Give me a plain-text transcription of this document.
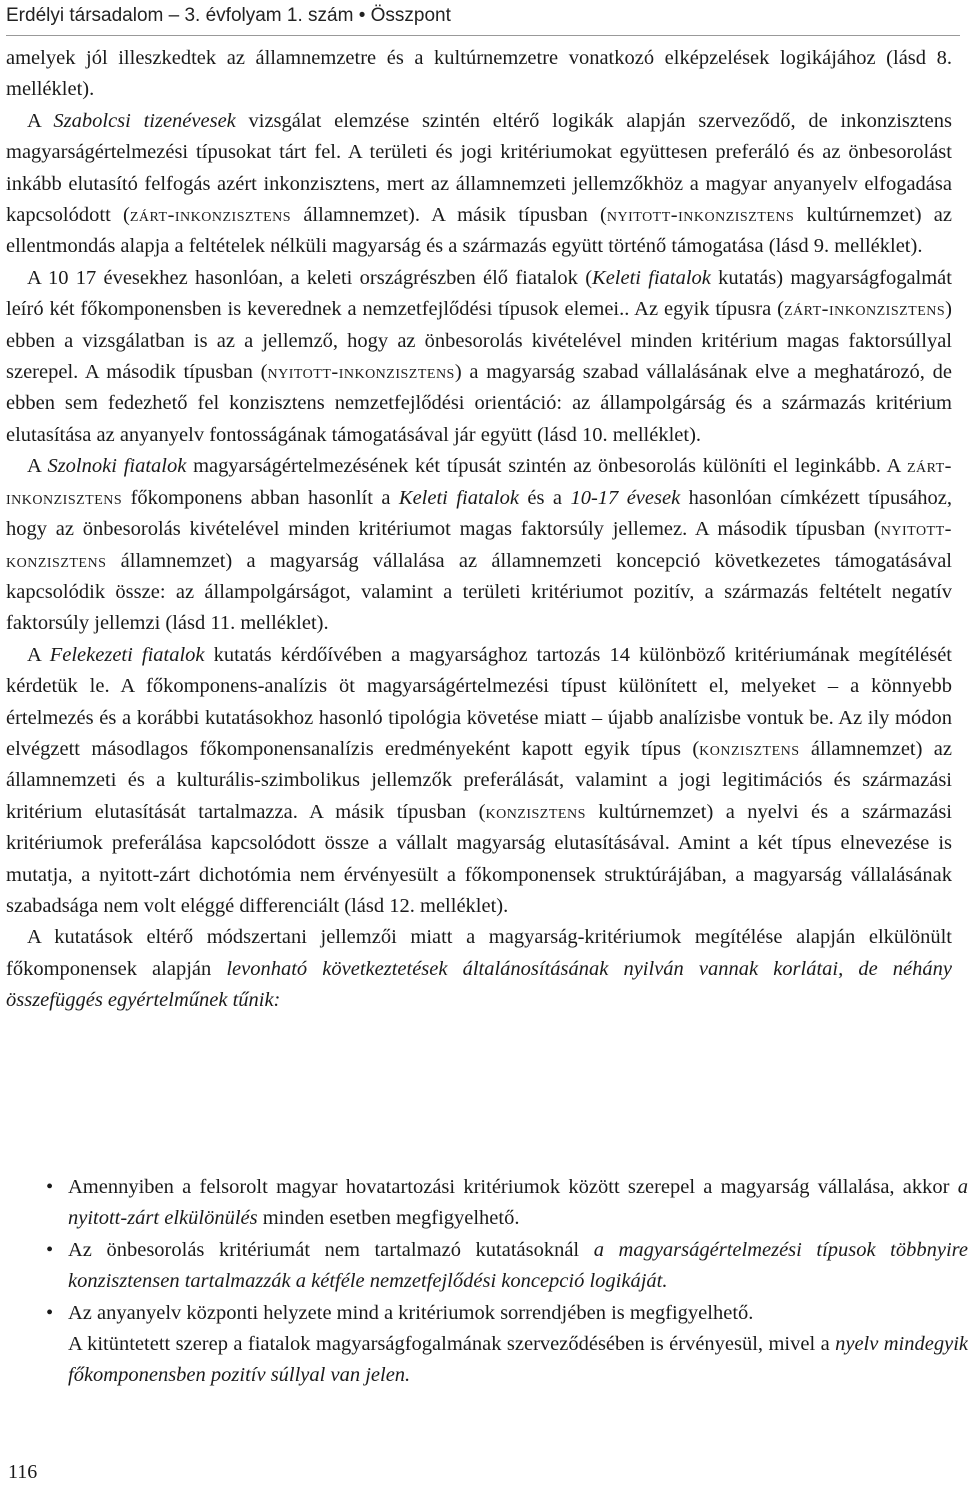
Erdélyi társadalom – 3. évfolyam 1. szám • Összpont

amelyek jól illeszkedtek az államnemzetre és a kultúrnemzetre vonatkozó elképzelések logikájához (lásd 8. melléklet).

A Szabolcsi tizenévesek vizsgálat elemzése szintén eltérő logikák alapján szerveződő, de inkonzisztens magyarságértelmezési típusokat tárt fel. A területi és jogi kritériumokat együttesen preferáló és az önbesorolást inkább elutasító felfogás azért inkonzisztens, mert az államnemzeti jellemzőkhöz a magyar anyanyelv elfogadása kapcsolódott (zárt-inkonzisztens államnemzet). A másik típusban (nyitott-inkonzisztens kultúrnemzet) az ellentmondás alapja a feltételek nélküli magyarság és a származás együtt történő támogatása (lásd 9. melléklet).

A 10 17 évesekhez hasonlóan, a keleti országrészben élő fiatalok (Keleti fiatalok kutatás) magyarságfogalmát leíró két főkomponensben is keverednek a nemzetfejlődési típusok elemei.. Az egyik típusra (zárt-inkonzisztens) ebben a vizsgálatban is az a jellemző, hogy az önbesorolás kivételével minden kritérium magas faktorsúllyal szerepel. A második típusban (nyitott-inkonzisztens) a magyarság szabad vállalásának elve a meghatározó, de ebben sem fedezhető fel konzisztens nemzetfejlődési orientáció: az állampolgárság és a származás kritérium elutasítása az anyanyelv fontosságának támogatásával jár együtt (lásd 10. melléklet).

A Szolnoki fiatalok magyarságértelmezésének két típusát szintén az önbesorolás különíti el leginkább. A zárt-inkonzisztens főkomponens abban hasonlít a Keleti fiatalok és a 10-17 évesek hasonlóan címkézett típusához, hogy az önbesorolás kivételével minden kritériumot magas faktorsúly jellemez. A második típusban (nyitott-konzisztens államnemzet) a magyarság vállalása az államnemzeti koncepció következetes támogatásával kapcsolódik össze: az állampolgárságot, valamint a területi kritériumot pozitív, a származás feltételt negatív faktorsúly jellemzi (lásd 11. melléklet).

A Felekezeti fiatalok kutatás kérdőívében a magyarsághoz tartozás 14 különböző kritériumának megítélését kérdetük le. A főkomponens-analízis öt magyarságértelmezési típust különített el, melyeket – a könnyebb értelmezés és a korábbi kutatásokhoz hasonló tipológia követése miatt – újabb analízisbe vontuk be. Az ily módon elvégzett másodlagos főkomponensanalízis eredményeként kapott egyik típus (konzisztens államnemzet) az államnemzeti és a kulturális-szimbolikus jellemzők preferálását, valamint a jogi legitimációs és származási kritérium elutasítását tartalmazza. A másik típusban (konzisztens kultúrnemzet) a nyelvi és a származási kritériumok preferálása kapcsolódott össze a vállalt magyarság elutasításával. Amint a két típus elnevezése is mutatja, a nyitott-zárt dichotómia nem érvényesült a főkomponensek struktúrájában, a magyarság vállalásának szabadsága nem volt eléggé differenciált (lásd 12. melléklet).

A kutatások eltérő módszertani jellemzői miatt a magyarság-kritériumok megítélése alapján elkülönült főkomponensek alapján levonható következtetések általánosításának nyilván vannak korlátai, de néhány összefüggés egyértelműnek tűnik:

• Amennyiben a felsorolt magyar hovatartozási kritériumok között szerepel a magyarság vállalása, akkor a nyitott-zárt elkülönülés minden esetben megfigyelhető.
• Az önbesorolás kritériumát nem tartalmazó kutatásoknál a magyarságértelmezési típusok többnyire konzisztensen tartalmazzák a kétféle nemzetfejlődési koncepció logikáját.
• Az anyanyelv központi helyzete mind a kritériumok sorrendjében is megfigyelhető.
A kitüntetett szerep a fiatalok magyarságfogalmának szerveződésében is érvényesül, mivel a nyelv mindegyik főkomponensben pozitív súllyal van jelen.
116
